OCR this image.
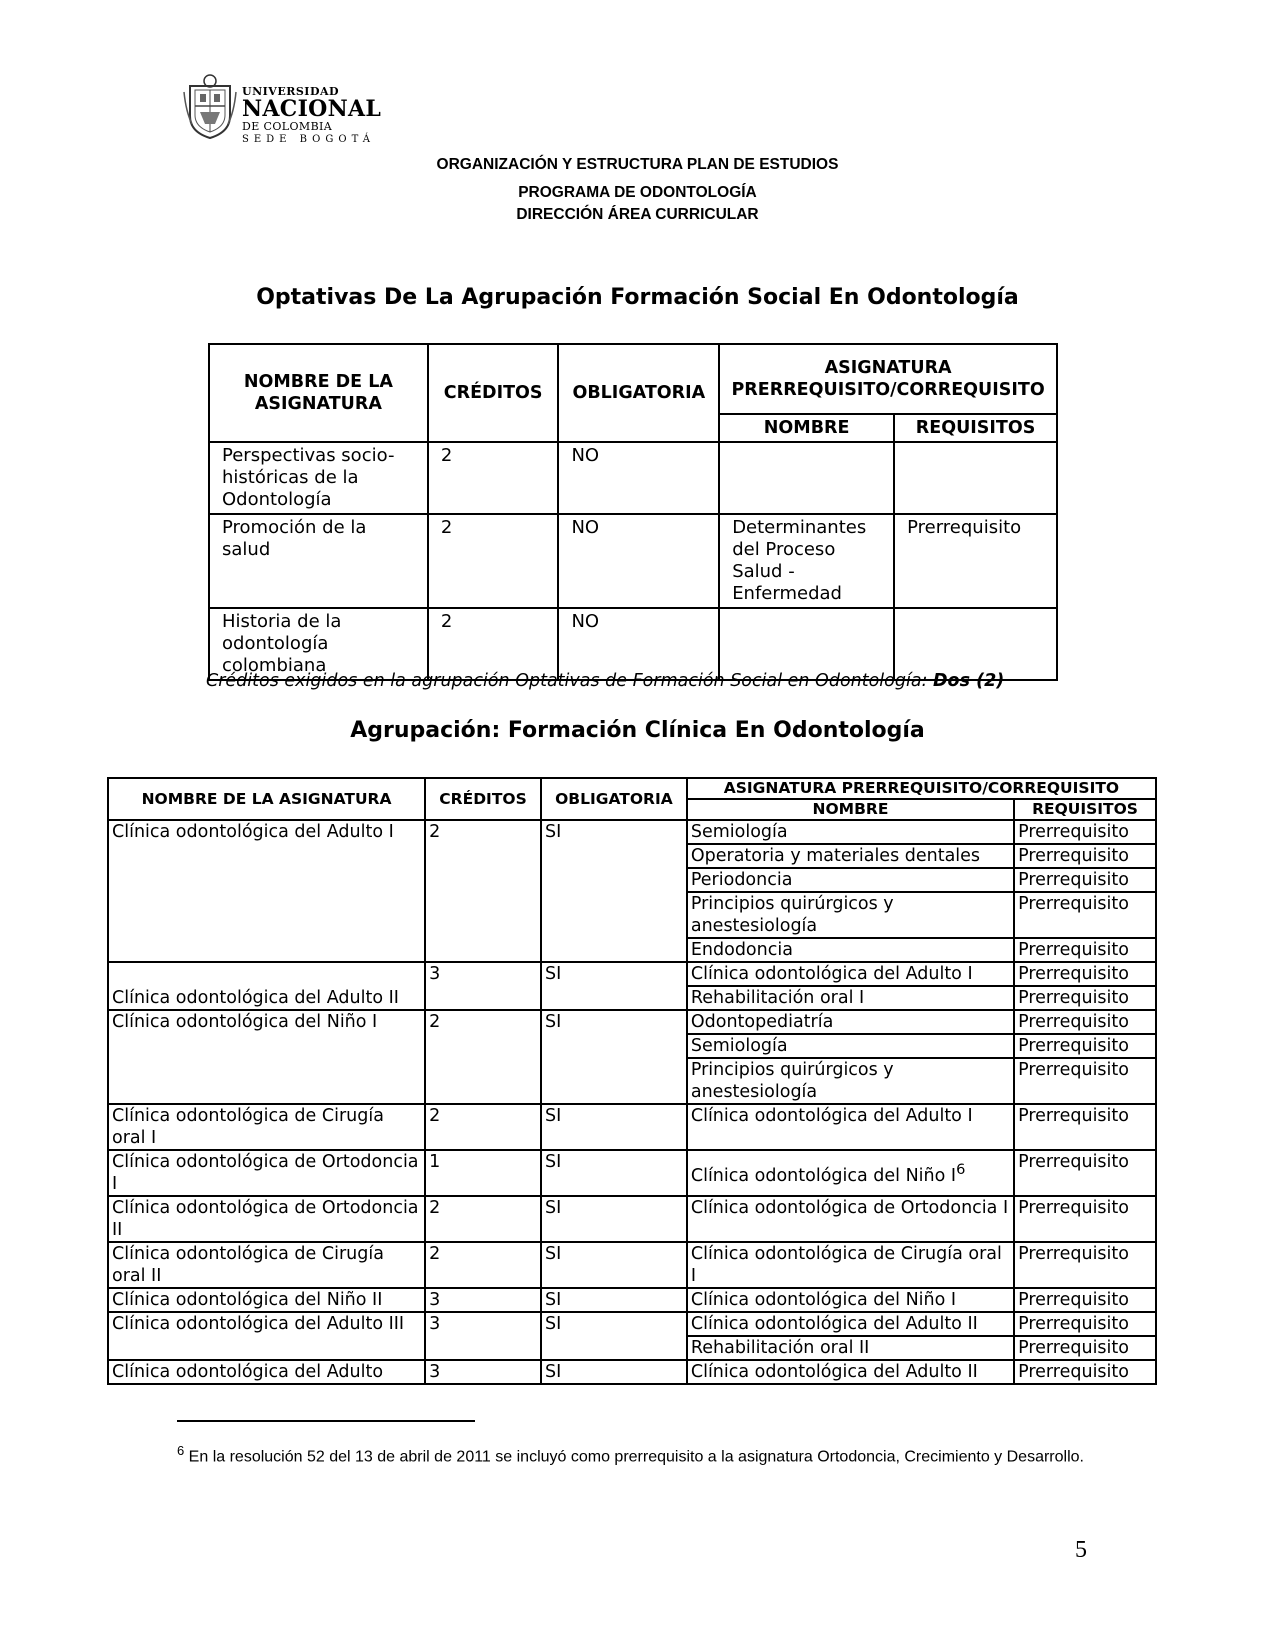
UNIVERSIDAD
NACIONAL
DE COLOMBIA
SEDE BOGOTÁ
ORGANIZACIÓN Y ESTRUCTURA PLAN DE ESTUDIOS
PROGRAMA DE ODONTOLOGÍA
DIRECCIÓN ÁREA CURRICULAR
Optativas De La Agrupación Formación Social En Odontología
NOMBRE DE LA ASIGNATURA	CRÉDITOS	OBLIGATORIA	ASIGNATURA PRERREQUISITO/CORREQUISITO	
			NOMBRE	REQUISITOS
Perspectivas socio-históricas de la Odontología	2	NO		
Promoción de la salud	2	NO	Determinantes del Proceso Salud - Enfermedad	Prerrequisito
Historia de la odontología colombiana	2	NO		
Créditos exigidos en la agrupación Optativas de Formación Social en Odontología: Dos (2)
Agrupación: Formación Clínica En Odontología
NOMBRE DE LA ASIGNATURA	CRÉDITOS	OBLIGATORIA	ASIGNATURA PRERREQUISITO/CORREQUISITO	
			NOMBRE	REQUISITOS
Clínica odontológica del Adulto I	2	SI	Semiología	Prerrequisito
			Operatoria y materiales dentales	Prerrequisito
			Periodoncia	Prerrequisito
			Principios quirúrgicos y anestesiología	Prerrequisito
			Endodoncia	Prerrequisito
Clínica odontológica del Adulto II	3	SI	Clínica odontológica del Adulto I	Prerrequisito
			Rehabilitación oral I	Prerrequisito
Clínica odontológica del Niño I	2	SI	Odontopediatría	Prerrequisito
			Semiología	Prerrequisito
			Principios quirúrgicos y anestesiología	Prerrequisito
Clínica odontológica de Cirugía oral I	2	SI	Clínica odontológica del Adulto I	Prerrequisito
Clínica odontológica de Ortodoncia I	1	SI	Clínica odontológica del Niño $I^6$	Prerrequisito
Clínica odontológica de Ortodoncia II	2	SI	Clínica odontológica de Ortodoncia I	Prerrequisito
Clínica odontológica de Cirugía oral II	2	SI	Clínica odontológica de Cirugía oral I	Prerrequisito
Clínica odontológica del Niño II	3	SI	Clínica odontológica del Niño I	Prerrequisito
Clínica odontológica del Adulto III	3	SI	Clínica odontológica del Adulto II	Prerrequisito
			Rehabilitación oral II	Prerrequisito
Clínica odontológica del Adulto	3	SI	Clínica odontológica del Adulto II	Prerrequisito
$^6$ En la resolución 52 del 13 de abril de 2011 se incluyó como prerrequisito a la asignatura Ortodoncia, Crecimiento y Desarrollo.
5
